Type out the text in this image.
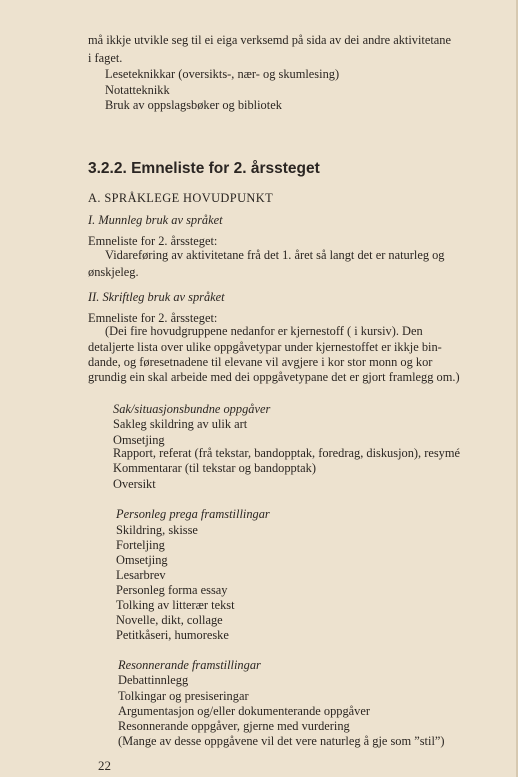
må ikkje utvikle seg til ei eiga verksemd på sida av dei andre aktivitetane
i faget.
Leseteknikkar (oversikts-, nær- og skumlesing)
Notatteknikk
Bruk av oppslagsbøker og bibliotek
3.2.2. Emneliste for 2. årssteget
A. SPRÅKLEGE HOVUDPUNKT
I. Munnleg bruk av språket
Emneliste for 2. årssteget:
Vidareføring av aktivitetane frå det 1. året så langt det er naturleg og
ønskjeleg.
II. Skriftleg bruk av språket
Emneliste for 2. årssteget:
(Dei fire hovudgruppene nedanfor er kjernestoff ( i kursiv). Den
detaljerte lista over ulike oppgåvetypar under kjernestoffet er ikkje bin-
dande, og føresetnadene til elevane vil avgjere i kor stor monn og kor
grundig ein skal arbeide med dei oppgåvetypane det er gjort framlegg om.)
Sak/situasjonsbundne oppgåver
Sakleg skildring av ulik art
Omsetjing
Rapport, referat (frå tekstar, bandopptak, foredrag, diskusjon), resymé
Kommentarar (til tekstar og bandopptak)
Oversikt
Personleg prega framstillingar
Skildring, skisse
Forteljing
Omsetjing
Lesarbrev
Personleg forma essay
Tolking av litterær tekst
Novelle, dikt, collage
Petitkåseri, humoreske
Resonnerande framstillingar
Debattinnlegg
Tolkingar og presiseringar
Argumentasjon og/eller dokumenterande oppgåver
Resonnerande oppgåver, gjerne med vurdering
(Mange av desse oppgåvene vil det vere naturleg å gje som ”stil”)
22
